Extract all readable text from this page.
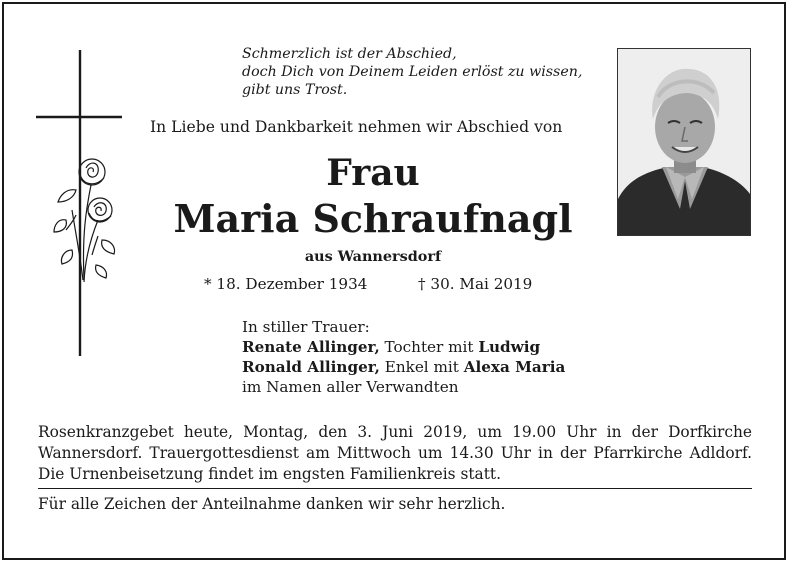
Schmerzlich ist der Abschied,
doch Dich von Deinem Leiden erlöst zu wissen,
gibt uns Trost.
In Liebe und Dankbarkeit nehmen wir Abschied von
Frau
Maria Schraufnagl
aus Wannersdorf
* 18. Dezember 1934	† 30. Mai 2019

In stiller Trauer:

Renate Allinger, Tochter mit Ludwig

Ronald Allinger, Enkel mit Alexa Maria

im Namen aller Verwandten

Rosenkranzgebet heute, Montag, den 3. Juni 2019, um 19.00 Uhr in der Dorfkirche Wannersdorf. Trauergottesdienst am Mittwoch um 14.30 Uhr in der Pfarrkirche Adldorf. Die Urnenbeisetzung findet im engsten Familienkreis statt.
Für alle Zeichen der Anteilnahme danken wir sehr herzlich.
